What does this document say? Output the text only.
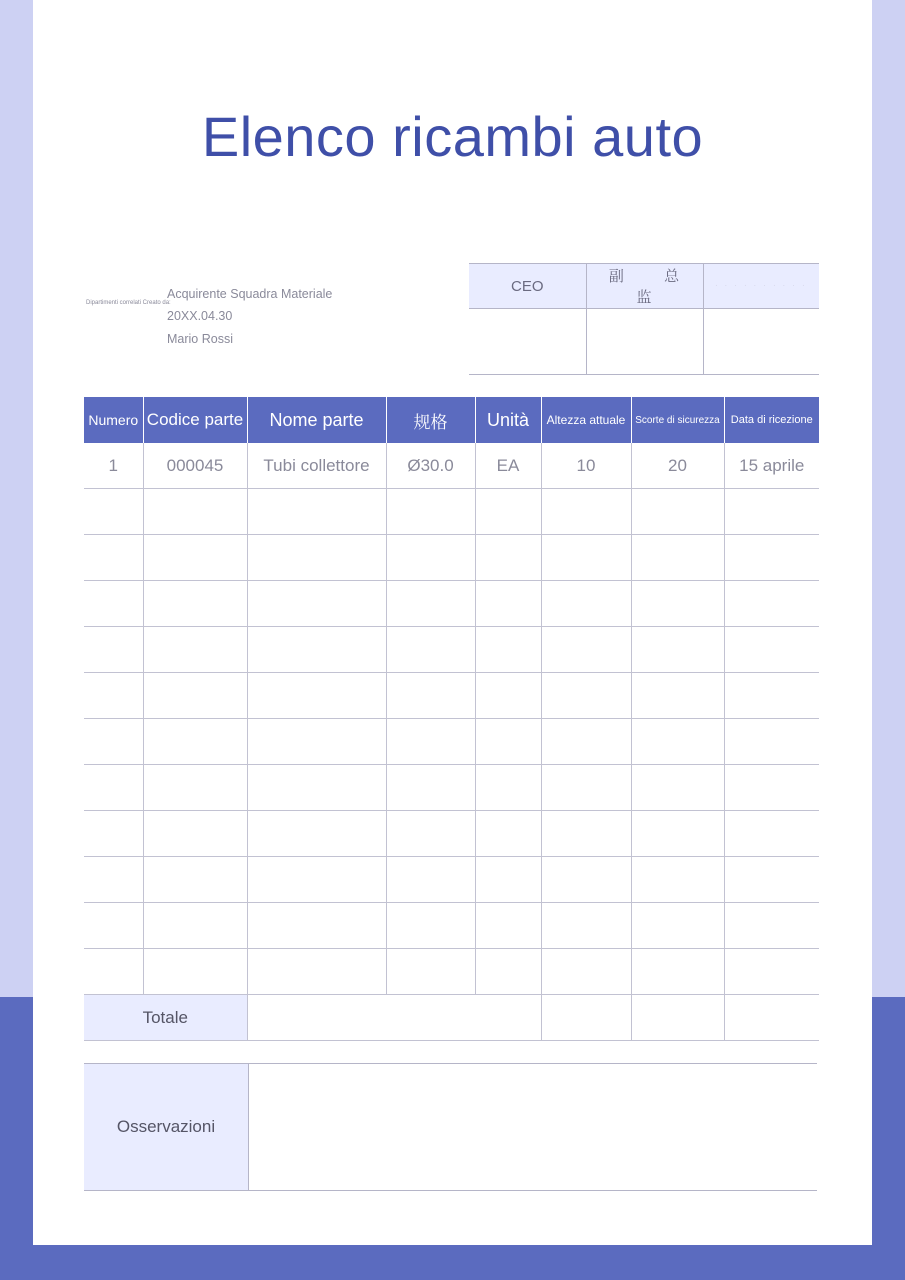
Elenco ricambi auto
Dipartimenti correlati Creato da:
Acquirente Squadra Materiale
20XX.04.30
Mario Rossi
CEO	副 总 监	· · · · · · · · · ·

Numero	Codice parte	Nome parte	规格	Unità	Altezza attuale	Scorte di sicurezza	Data di ricezione
1	000045	Tubi collettore	Ø30.0	EA	10	20	15 aprile

Totale							
Osservazioni	
